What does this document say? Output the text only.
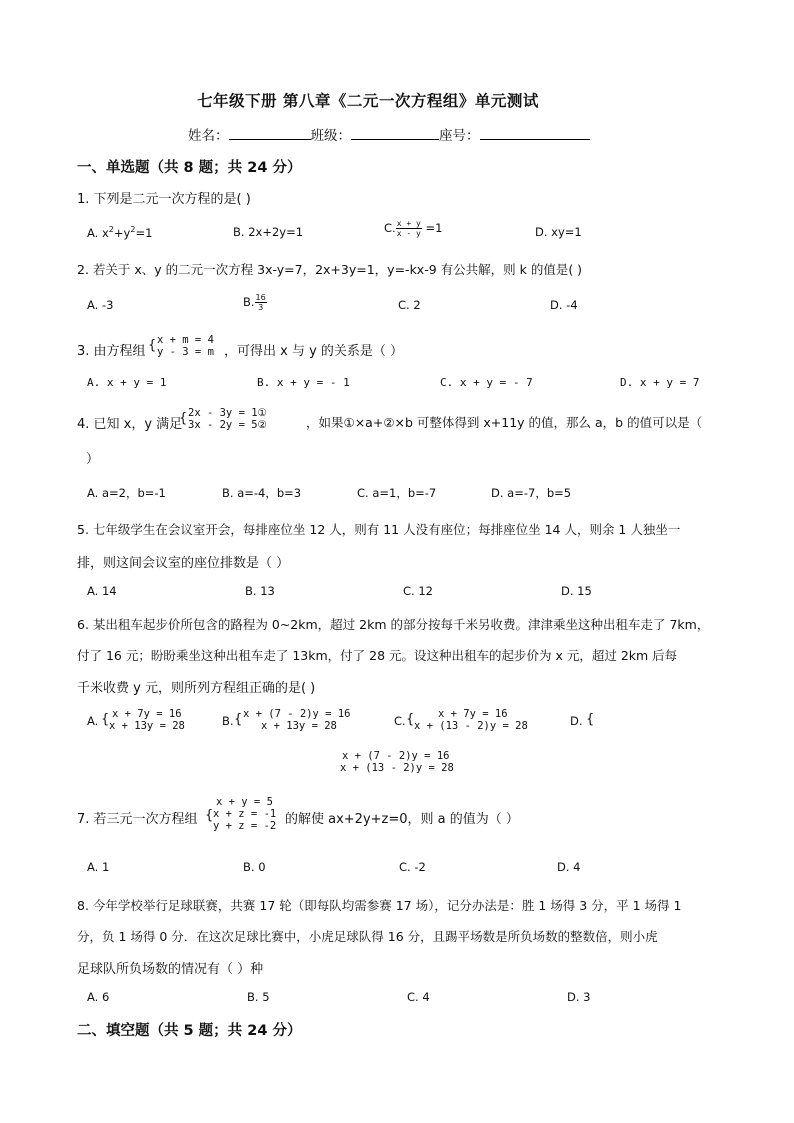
七年级下册 第八章《二元一次方程组》单元测试
姓名：	班级：	座号：
一、单选题（共 8 题；共 24 分）
1. 下列是二元一次方程的是( )
A. $x^2+y^2=1$	B. 2x+2y=1	C. $\frac{x + y}{x - y} =1$	D. xy=1
2. 若关于 x、y 的二元一次方程 3x-y=7，2x+3y=1，y=-kx-9 有公共解，则 k 的值是( )
A. -3	B. $\frac{16}{3}$	C. 2	D. -4
3. 由方程组 { x + m = 4
y - 3 = m ，可得出 x 与 y 的关系是（ ）
A. x + y = 1	B. x + y = - 1	C. x + y = - 7	D. x + y = 7
4. 已知 x，y 满足
{ 2x - 3y = 1①
3x - 2y = 5②	，如果①×a+②×b 可整体得到 x+11y 的值，那么 a，b 的值可以是（
）
A. a=2，b=-1	B. a=-4，b=3	C. a=1，b=-7	D. a=-7，b=5
5. 七年级学生在会议室开会，每排座位坐 12 人，则有 11 人没有座位；每排座位坐 14 人，则余 1 人独坐一
排，则这间会议室的座位排数是（ ）
A. 14	B. 13	C. 12	D. 15
6. 某出租车起步价所包含的路程为 0~2km，超过 2km 的部分按每千米另收费。津津乘坐这种出租车走了 7km，
付了 16 元；盼盼乘坐这种出租车走了 13km，付了 28 元。设这种出租车的起步价为 x 元，超过 2km 后每
千米收费 y 元，则所列方程组正确的是( )
A. { x + 7y = 16
x + 13y = 28	B. { x + (7 - 2)y = 16
x + 13y = 28	C. {	x + 7y = 16
x + (13 - 2)y = 28	D. {
x + (7 - 2)y = 16
x + (13 - 2)y = 28
7. 若三元一次方程组 {
x + y = 5
x + z = -1
y + z = -2 的解使 ax+2y+z=0，则 a 的值为（ ）
A. 1	B. 0	C. -2	D. 4
8. 今年学校举行足球联赛，共赛 17 轮（即每队均需参赛 17 场），记分办法是：胜 1 场得 3 分，平 1 场得 1
分，负 1 场得 0 分．在这次足球比赛中，小虎足球队得 16 分，且踢平场数是所负场数的整数倍，则小虎
足球队所负场数的情况有（ ）种
A. 6	B. 5	C. 4	D. 3
二、填空题（共 5 题；共 24 分）
